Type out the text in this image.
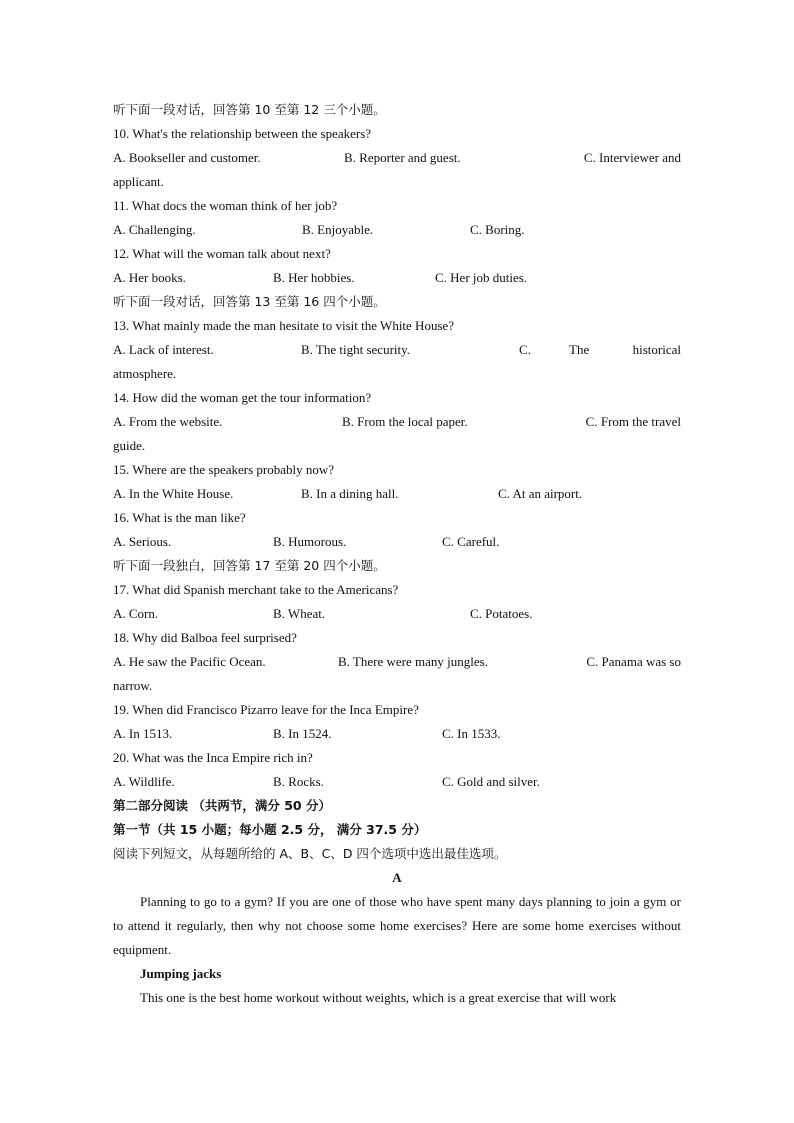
听下面一段对话，回答第 10 至第 12 三个小题。
10. What's the relationship between the speakers?
A. Bookseller and customer.	B. Reporter and guest.	C. Interviewer and
applicant.
11. What docs the woman think of her job?
A. Challenging.	B. Enjoyable.	C. Boring.
12. What will the woman talk about next?
A. Her books.	B. Her hobbies.	C. Her job duties.
听下面一段对话，回答第 13 至第 16 四个小题。
13. What mainly made the man hesitate to visit the White House?
A. Lack of interest.	B. The tight security.	C.	The	historical
atmosphere.
14. How did the woman get the tour information?
A. From the website.	B. From the local paper.	C. From the travel
guide.
15. Where are the speakers probably now?
A. In the White House.	B. In a dining hall.	C. At an airport.
16. What is the man like?
A. Serious.	B. Humorous.	C. Careful.
听下面一段独白，回答第 17 至第 20 四个小题。
17. What did Spanish merchant take to the Americans?
A. Corn.	B. Wheat.	C. Potatoes.
18. Why did Balboa feel surprised?
A. He saw the Pacific Ocean.	B. There were many jungles.	C. Panama was so
narrow.
19. When did Francisco Pizarro leave for the Inca Empire?
A. In 1513.	B. In 1524.	C. In 1533.
20. What was the Inca Empire rich in?
A. Wildlife.	B. Rocks.	C. Gold and silver.
第二部分阅读 （共两节，满分 50 分）
第一节（共 15 小题；每小题 2.5 分， 满分 37.5 分）
阅读下列短文，从每题所给的 A、B、C、D 四个选项中选出最佳选项。
A
Planning to go to a gym? If you are one of those who have spent many days planning to join a gym or to attend it regularly, then why not choose some home exercises? Here are some home exercises without equipment.
Jumping jacks
This one is the best home workout without weights, which is a great exercise that will work
